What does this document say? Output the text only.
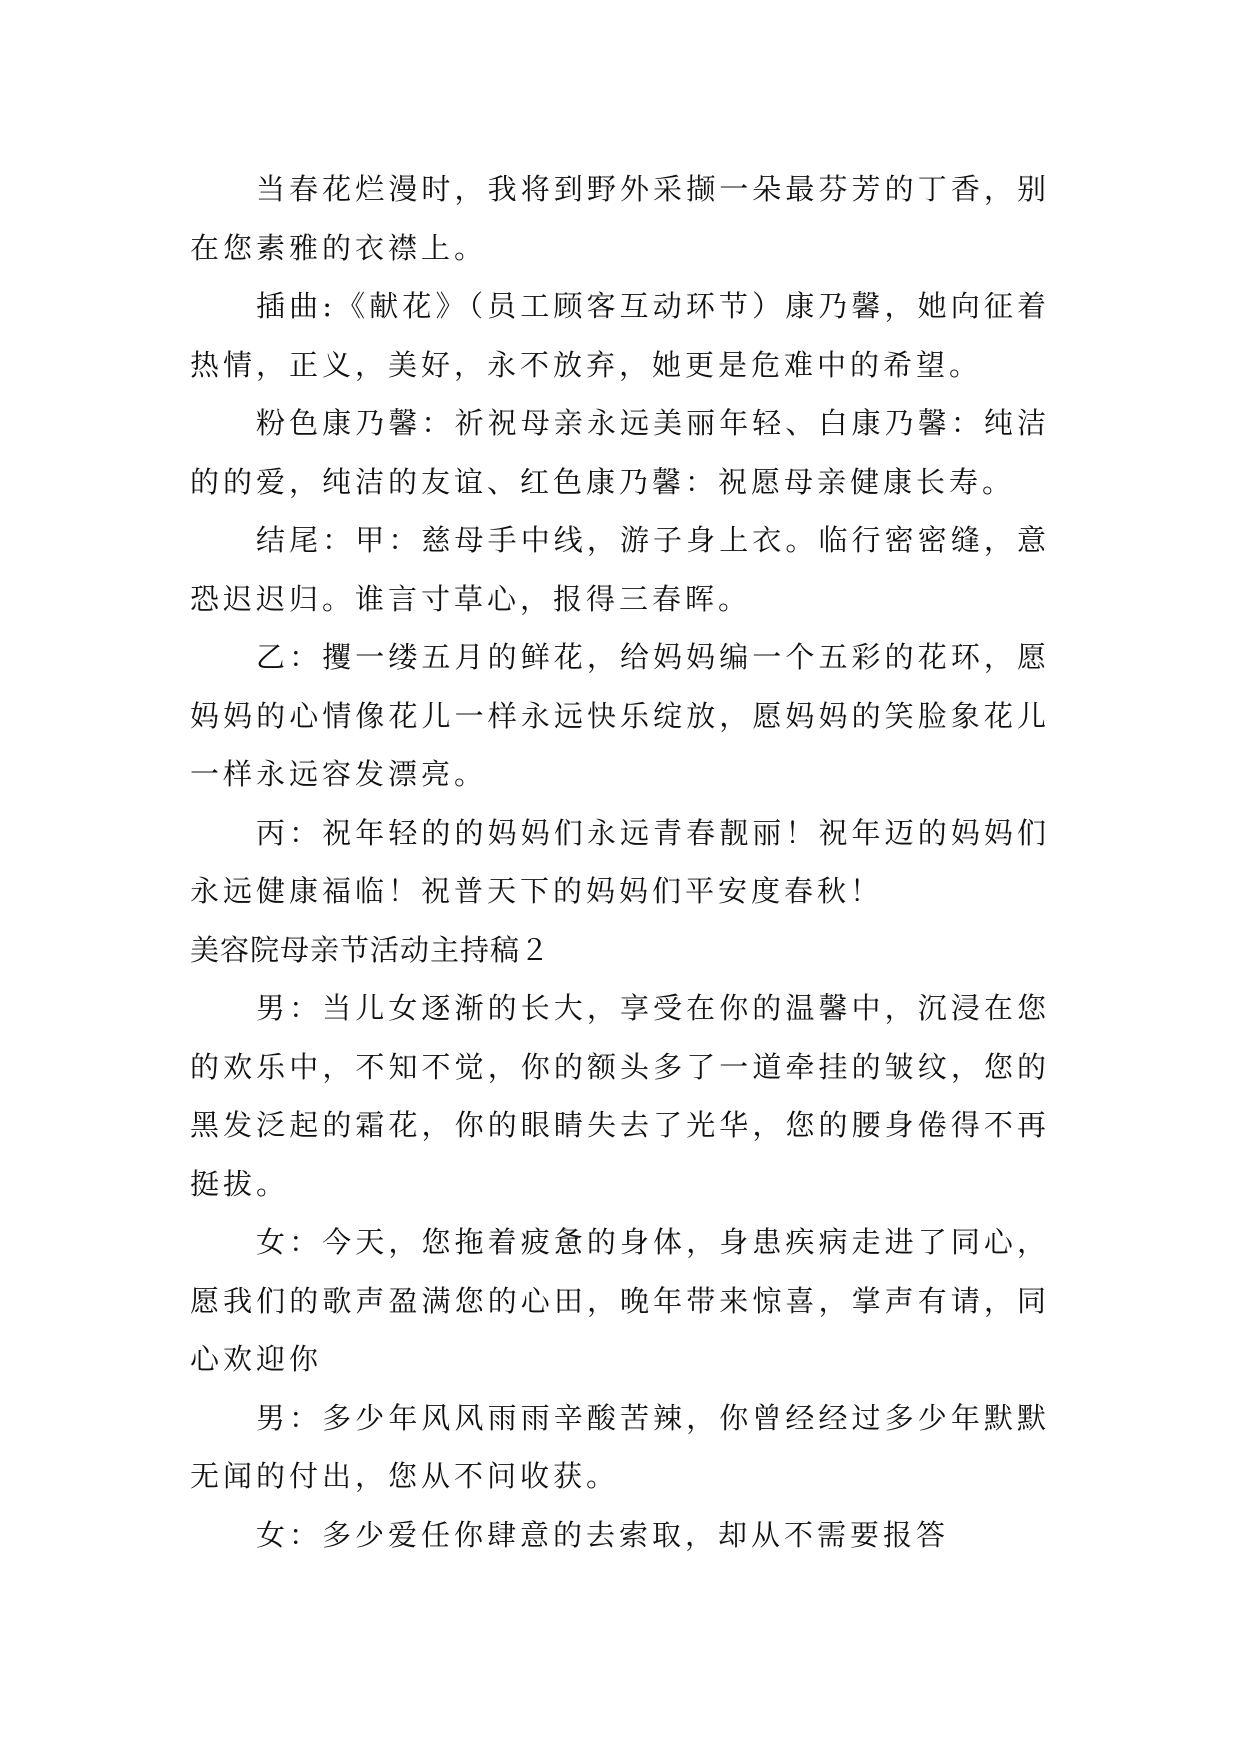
当春花烂漫时，我将到野外采撷一朵最芬芳的丁香，别在您素雅的衣襟上。

插曲:《献花》（员工顾客互动环节）康乃馨，她向征着热情，正义，美好，永不放弃，她更是危难中的希望。

粉色康乃馨：祈祝母亲永远美丽年轻、白康乃馨：纯洁的的爱，纯洁的友谊、红色康乃馨：祝愿母亲健康长寿。

结尾：甲：慈母手中线，游子身上衣。临行密密缝，意恐迟迟归。谁言寸草心，报得三春晖。

乙：攫一缕五月的鲜花，给妈妈编一个五彩的花环，愿妈妈的心情像花儿一样永远快乐绽放，愿妈妈的笑脸象花儿一样永远容发漂亮。

丙：祝年轻的的妈妈们永远青春靓丽！祝年迈的妈妈们永远健康福临！祝普天下的妈妈们平安度春秋！

美容院母亲节活动主持稿２

男：当儿女逐渐的长大，享受在你的温馨中，沉浸在您的欢乐中，不知不觉，你的额头多了一道牵挂的皱纹，您的黑发泛起的霜花，你的眼睛失去了光华，您的腰身倦得不再挺拔。

女：今天，您拖着疲惫的身体，身患疾病走进了同心，愿我们的歌声盈满您的心田，晚年带来惊喜，掌声有请，同心欢迎你

男：多少年风风雨雨辛酸苦辣，你曾经经过多少年默默无闻的付出，您从不问收获。

女：多少爱任你肆意的去索取，却从不需要报答
